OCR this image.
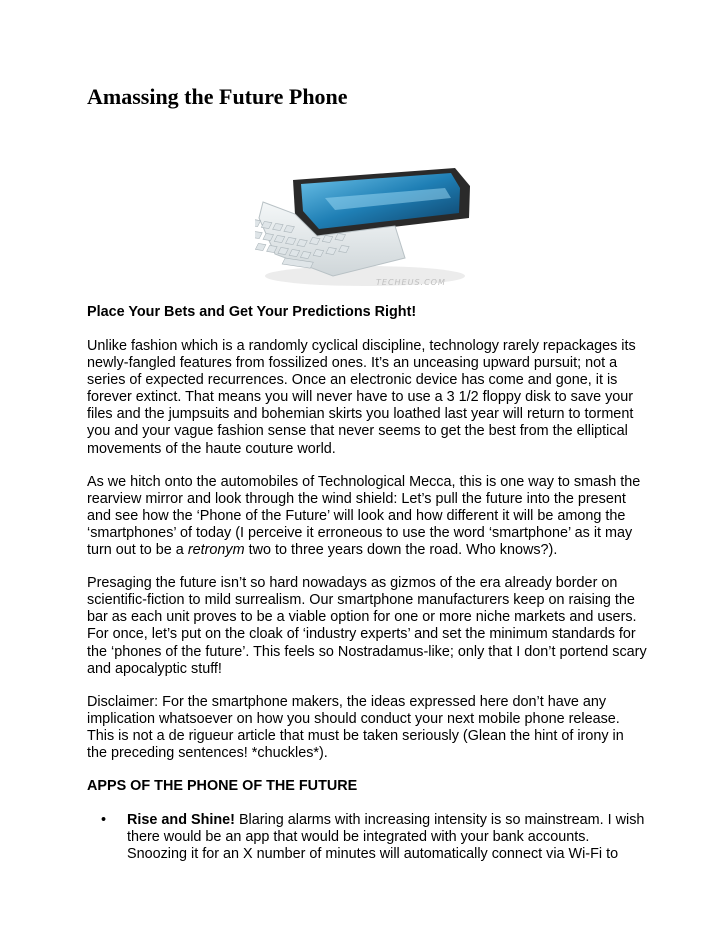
Amassing the Future Phone
TECHEUS.COM
Place Your Bets and Get Your Predictions Right!

Unlike fashion which is a randomly cyclical discipline, technology rarely repackages its newly-fangled features from fossilized ones. It’s an unceasing upward pursuit; not a series of expected recurrences. Once an electronic device has come and gone, it is forever extinct. That means you will never have to use a 3 1/2 floppy disk to save your files and the jumpsuits and bohemian skirts you loathed last year will return to torment you and your vague fashion sense that never seems to get the best from the elliptical movements of the haute couture world.

As we hitch onto the automobiles of Technological Mecca, this is one way to smash the rearview mirror and look through the wind shield: Let’s pull the future into the present and see how the ‘Phone of the Future’ will look and how different it will be among the ‘smartphones’ of today (I perceive it erroneous to use the word ‘smartphone’ as it may turn out to be a retronym two to three years down the road. Who knows?).

Presaging the future isn’t so hard nowadays as gizmos of the era already border on scientific-fiction to mild surrealism. Our smartphone manufacturers keep on raising the bar as each unit proves to be a viable option for one or more niche markets and users. For once, let’s put on the cloak of ‘industry experts’ and set the minimum standards for the ‘phones of the future’. This feels so Nostradamus-like; only that I don’t portend scary and apocalyptic stuff!

Disclaimer: For the smartphone makers, the ideas expressed here don’t have any implication whatsoever on how you should conduct your next mobile phone release. This is not a de rigueur article that must be taken seriously (Glean the hint of irony in the preceding sentences! *chuckles*).

APPS OF THE PHONE OF THE FUTURE
• Rise and Shine! Blaring alarms with increasing intensity is so mainstream. I wish there would be an app that would be integrated with your bank accounts. Snoozing it for an X number of minutes will automatically connect via Wi-Fi to
